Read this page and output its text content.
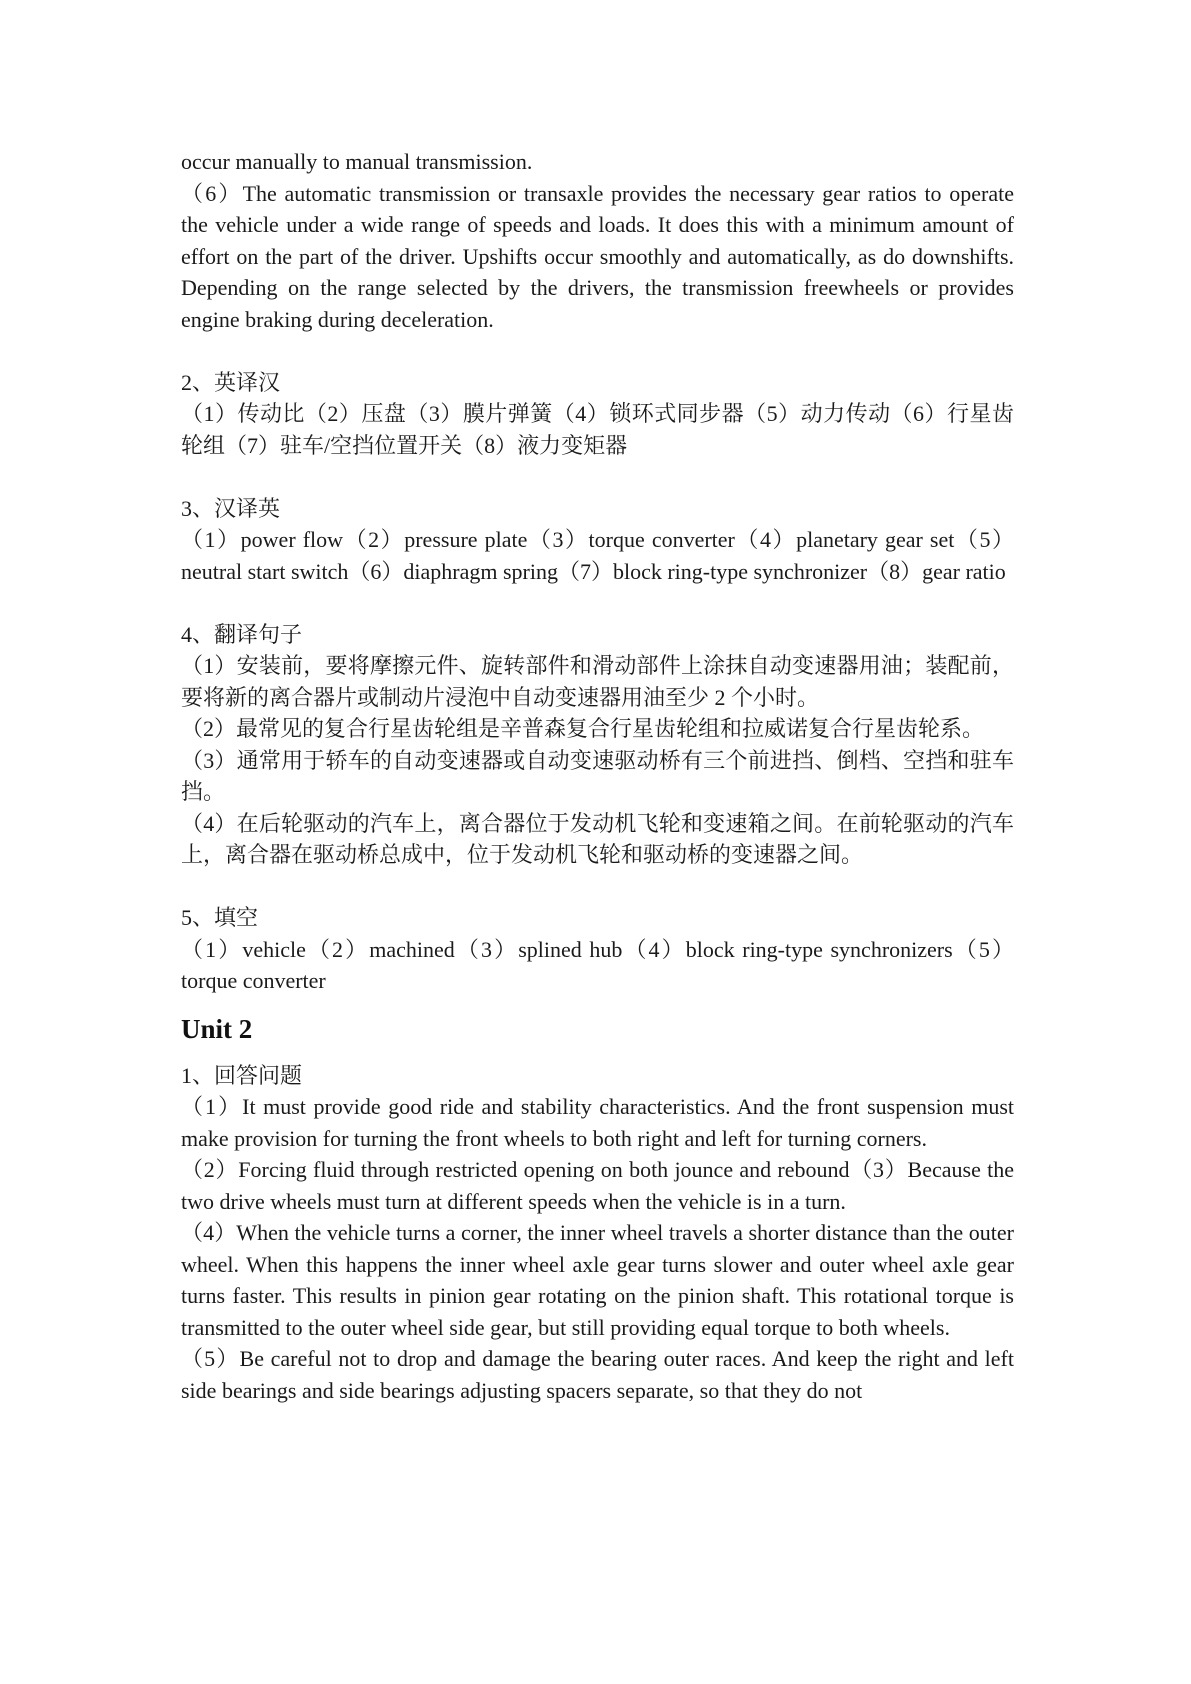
occur manually to manual transmission.

（6）The automatic transmission or transaxle provides the necessary gear ratios to operate the vehicle under a wide range of speeds and loads. It does this with a minimum amount of effort on the part of the driver. Upshifts occur smoothly and automatically, as do downshifts. Depending on the range selected by the drivers, the transmission freewheels or provides engine braking during deceleration.

2、英译汉

（1）传动比（2）压盘（3）膜片弹簧（4）锁环式同步器（5）动力传动（6）行星齿轮组（7）驻车/空挡位置开关（8）液力变矩器

3、汉译英

（1）power flow（2）pressure plate（3）torque converter（4）planetary gear set（5）neutral start switch（6）diaphragm spring（7）block ring-type synchronizer（8）gear ratio

4、翻译句子

（1）安装前，要将摩擦元件、旋转部件和滑动部件上涂抹自动变速器用油；装配前，要将新的离合器片或制动片浸泡中自动变速器用油至少 2 个小时。

（2）最常见的复合行星齿轮组是辛普森复合行星齿轮组和拉威诺复合行星齿轮系。

（3）通常用于轿车的自动变速器或自动变速驱动桥有三个前进挡、倒档、空挡和驻车挡。

（4）在后轮驱动的汽车上，离合器位于发动机飞轮和变速箱之间。在前轮驱动的汽车上，离合器在驱动桥总成中，位于发动机飞轮和驱动桥的变速器之间。

5、填空

（1）vehicle（2）machined（3）splined hub（4）block ring-type synchronizers（5）torque converter

Unit 2

1、回答问题

（1）It must provide good ride and stability characteristics. And the front suspension must make provision for turning the front wheels to both right and left for turning corners.

（2）Forcing fluid through restricted opening on both jounce and rebound（3）Because the two drive wheels must turn at different speeds when the vehicle is in a turn.

（4）When the vehicle turns a corner, the inner wheel travels a shorter distance than the outer wheel. When this happens the inner wheel axle gear turns slower and outer wheel axle gear turns faster. This results in pinion gear rotating on the pinion shaft. This rotational torque is transmitted to the outer wheel side gear, but still providing equal torque to both wheels.

（5）Be careful not to drop and damage the bearing outer races. And keep the right and left side bearings and side bearings adjusting spacers separate, so that they do not
